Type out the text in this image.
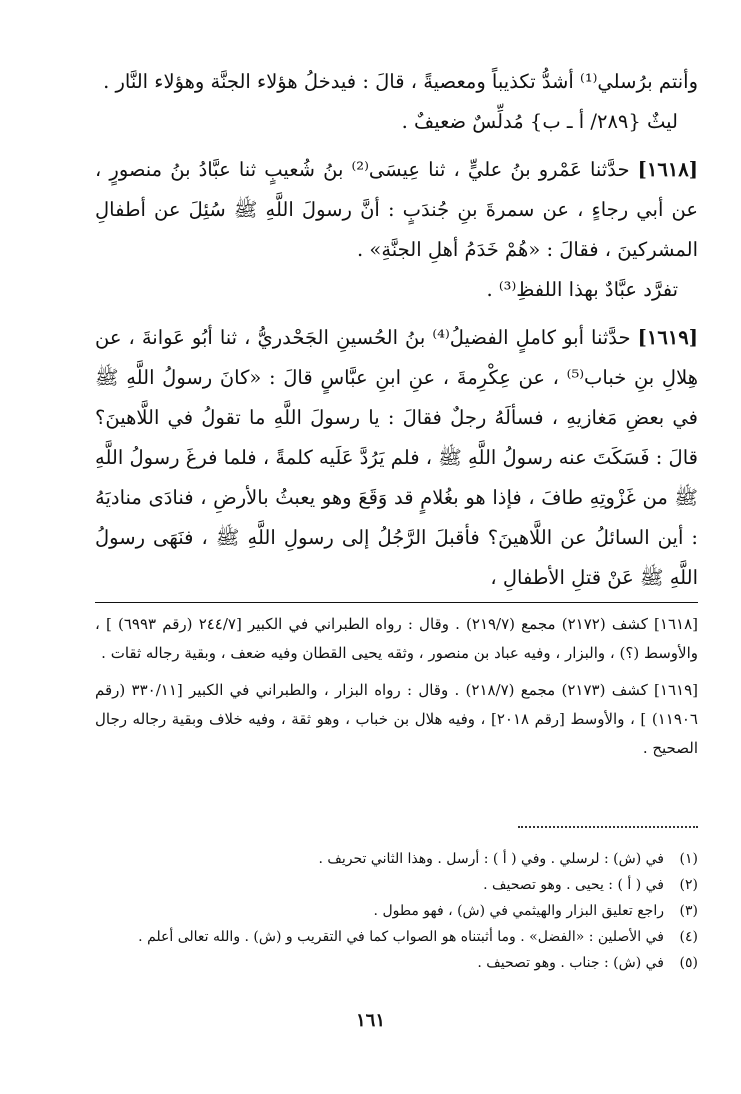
وأنتم برُسلي⁽¹⁾ أشدُّ تكذيباً ومعصيةً ، قالَ : فيدخلُ هؤلاء الجنَّة وهؤلاء النَّار .

ليثٌ {٢٨٩/ أ ـ ب} مُدلِّسٌ ضعيفٌ .

[١٦١٨] حدَّثنا عَمْرو بنُ عليٍّ ، ثنا عِيسَى⁽²⁾ بنُ شُعيبٍ ثنا عبَّادُ بنُ منصورٍ ، عن أبي رجاءٍ ، عن سمرةَ بنِ جُندَبٍ : أنَّ رسولَ اللَّهِ ﷺ سُئِلَ عن أطفالِ المشركينَ ، فقالَ : «هُمْ خَدَمُ أهلِ الجنَّةِ» .

تفرَّد عبَّادٌ بهذا اللفظِ⁽³⁾ .

[١٦١٩] حدَّثنا أبو كاملٍ الفضيلُ⁽⁴⁾ بنُ الحُسينِ الجَحْدريُّ ، ثنا أبُو عَوانةَ ، عن هِلالِ بنِ خباب⁽⁵⁾ ، عن عِكْرِمةَ ، عنِ ابنِ عبَّاسٍ قالَ : «كانَ رسولُ اللَّهِ ﷺ في بعضِ مَغازيهِ ، فسألَهُ رجلٌ فقالَ : يا رسولَ اللَّهِ ما تقولُ في اللَّاهينَ؟ قالَ : فَسَكَتَ عنه رسولُ اللَّهِ ﷺ ، فلم يَرُدَّ عَلَيه كلمةً ، فلما فرغَ رسولُ اللَّهِ ﷺ من غَزْوتِهِ طافَ ، فإذا هو بغُلامٍ قد وَقَعَ وهو يعبثُ بالأرضِ ، فنادَى مناديَهُ : أين السائلُ عن اللَّاهينَ؟ فأقبلَ الرَّجُلُ إلى رسولِ اللَّهِ ﷺ ، فنَهَى رسولُ اللَّهِ ﷺ عَنْ قتلِ الأطفالِ ،

[١٦١٨] كشف (٢١٧٢) مجمع (٢١٩/٧) . وقال : رواه الطبراني في الكبير [٢٤٤/٧ (رقم ٦٩٩٣) ] ، والأوسط (؟) ، والبزار ، وفيه عباد بن منصور ، وثقه يحيى القطان وفيه ضعف ، وبقية رجاله ثقات .

[١٦١٩] كشف (٢١٧٣) مجمع (٢١٨/٧) . وقال : رواه البزار ، والطبراني في الكبير [٣٣٠/١١ (رقم ١١٩٠٦) ] ، والأوسط [رقم ٢٠١٨] ، وفيه هلال بن خباب ، وهو ثقة ، وفيه خلاف وبقية رجاله رجال الصحيح .

(١)في (ش) : لرسلي . وفي ( أ ) : أرسل . وهذا الثاني تحريف .
(٢)في ( أ ) : يحيى . وهو تصحيف .
(٣)راجع تعليق البزار والهيثمي في (ش) ، فهو مطول .
(٤)في الأصلين : «الفضل» . وما أثبتناه هو الصواب كما في التقريب و (ش) . والله تعالى أعلم .
(٥)في (ش) : جناب . وهو تصحيف .
١٦١
